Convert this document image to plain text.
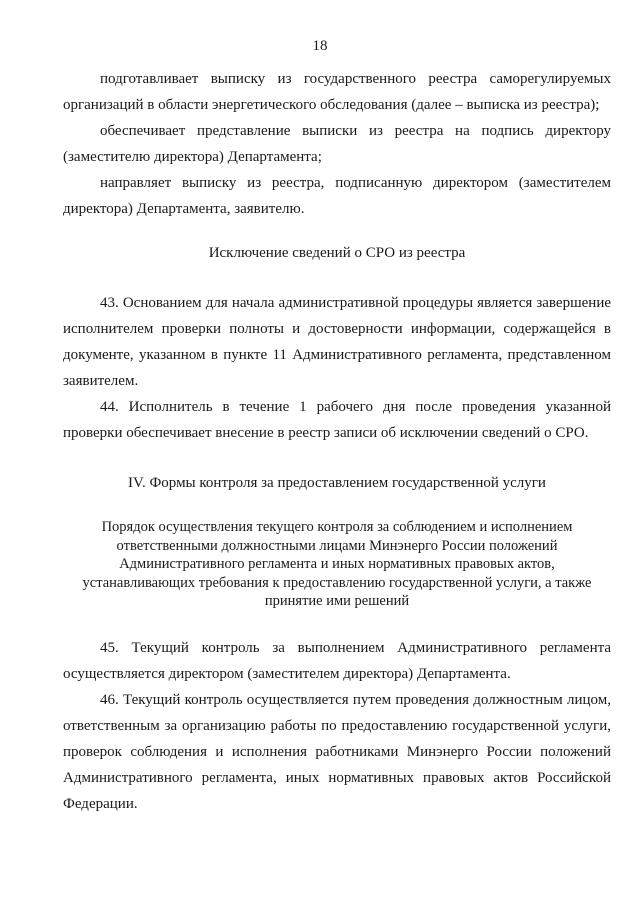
18

подготавливает выписку из государственного реестра саморегулируемых организаций в области энергетического обследования (далее – выписка из реестра);

обеспечивает представление выписки из реестра на подпись директору (заместителю директора) Департамента;

направляет выписку из реестра, подписанную директором (заместителем директора) Департамента, заявителю.

Исключение сведений о СРО из реестра

43. Основанием для начала административной процедуры является завершение исполнителем проверки полноты и достоверности информации, содержащейся в документе, указанном в пункте 11 Административного регламента, представленном заявителем.

44. Исполнитель в течение 1 рабочего дня после проведения указанной проверки обеспечивает внесение в реестр записи об исключении сведений о СРО.

IV. Формы контроля за предоставлением государственной услуги

Порядок осуществления текущего контроля за соблюдением и исполнением ответственными должностными лицами Минэнерго России положений Административного регламента и иных нормативных правовых актов, устанавливающих требования к предоставлению государственной услуги, а также принятие ими решений

45. Текущий контроль за выполнением Административного регламента осуществляется директором (заместителем директора) Департамента.

46. Текущий контроль осуществляется путем проведения должностным лицом, ответственным за организацию работы по предоставлению государственной услуги, проверок соблюдения и исполнения работниками Минэнерго России положений Административного регламента, иных нормативных правовых актов Российской Федерации.
